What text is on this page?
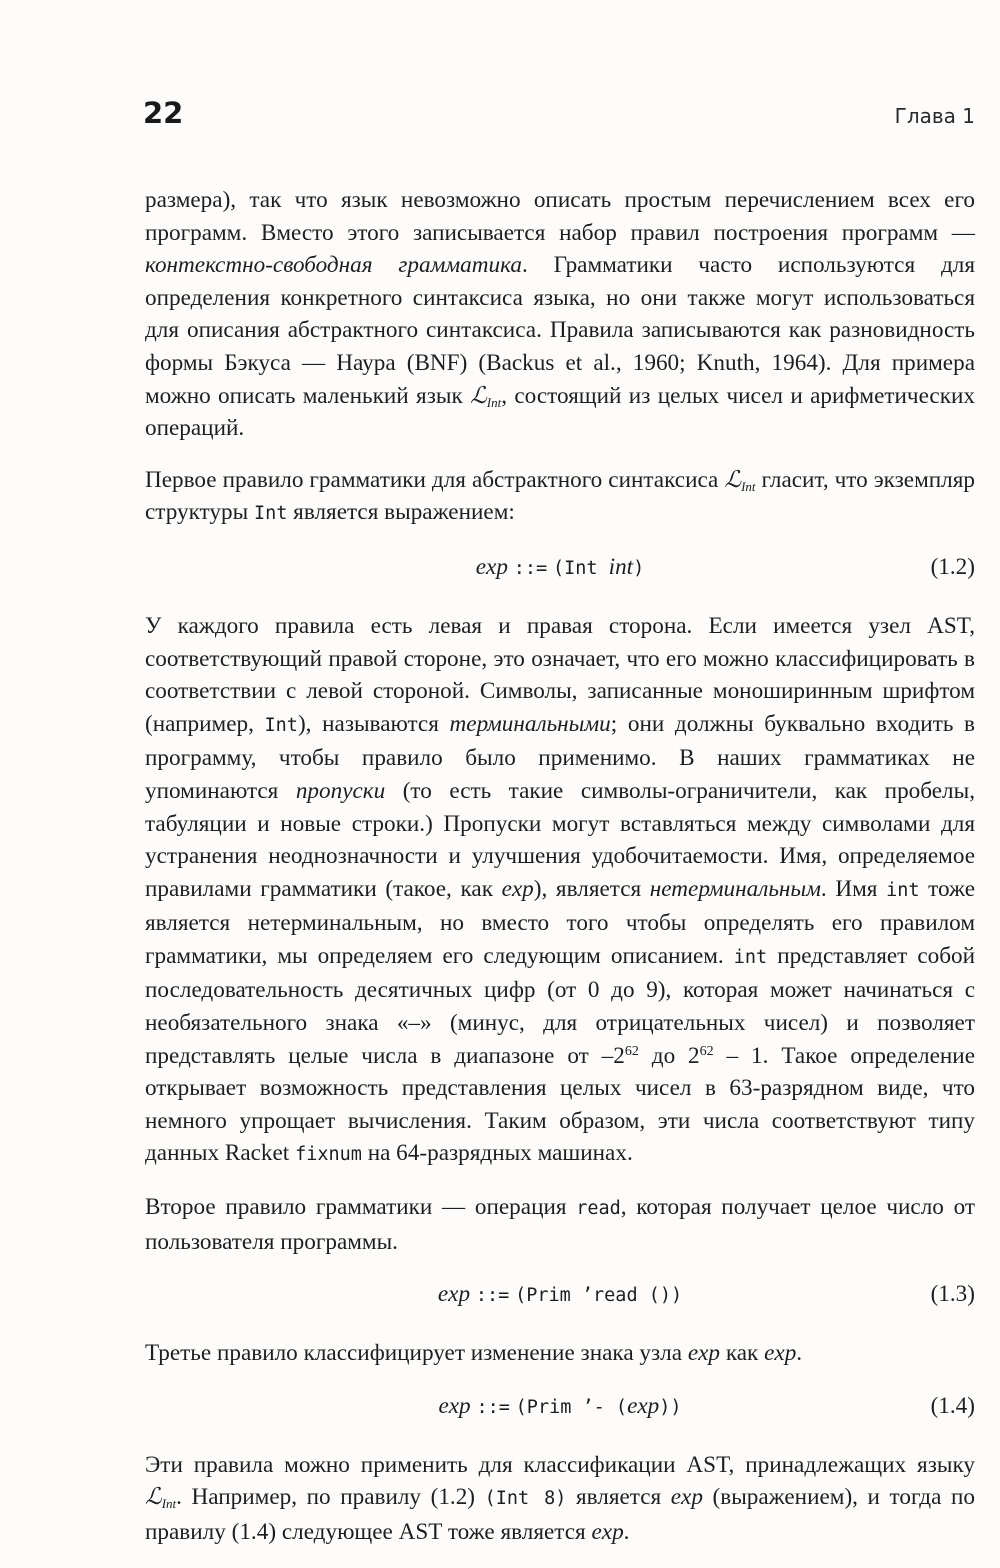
22	Глава 1

размера), так что язык невозможно описать простым перечислением всех его программ. Вместо этого записывается набор правил построения программ — контекстно-свободная грамматика. Грамматики часто используются для определения конкретного синтаксиса языка, но они также могут использоваться для описания абстрактного синтаксиса. Правила записываются как разновидность формы Бэкуса — Наура (BNF) (Backus et al., 1960; Knuth, 1964). Для примера можно описать маленький язык ℒ$_{Int}$, состоящий из целых чисел и арифметических операций.

Первое правило грамматики для абстрактного синтаксиса ℒ$_{Int}$ гласит, что экземпляр структуры Int является выражением:

exp ::= (Int int)	(1.2)

У каждого правила есть левая и правая сторона. Если имеется узел AST, соответствующий правой стороне, это означает, что его можно классифицировать в соответствии с левой стороной. Символы, записанные моноширинным шрифтом (например, Int), называются терминальными; они должны буквально входить в программу, чтобы правило было применимо. В наших грамматиках не упоминаются пропуски (то есть такие символы-ограничители, как пробелы, табуляции и новые строки.) Пропуски могут вставляться между символами для устранения неоднозначности и улучшения удобочитаемости. Имя, определяемое правилами грамматики (такое, как exp), является нетерминальным. Имя int тоже является нетерминальным, но вместо того чтобы определять его правилом грамматики, мы определяем его следующим описанием. int представляет собой последовательность десятичных цифр (от 0 до 9), которая может начинаться с необязательного знака «–» (минус, для отрицательных чисел) и позволяет представлять целые числа в диапазоне от $-2^{62}$ до $2^{62} - 1$. Такое определение открывает возможность представления целых чисел в 63-разрядном виде, что немного упрощает вычисления. Таким образом, эти числа соответствуют типу данных Racket fixnum на 64-разрядных машинах.

Второе правило грамматики — операция read, которая получает целое число от пользователя программы.

exp ::= (Prim ’read ())	(1.3)

Третье правило классифицирует изменение знака узла exp как exp.

exp ::= (Prim ’- (exp))	(1.4)

Эти правила можно применить для классификации AST, принадлежащих языку ℒ$_{Int}$. Например, по правилу (1.2) (Int 8) является exp (выражением), и тогда по правилу (1.4) следующее AST тоже является exp.
